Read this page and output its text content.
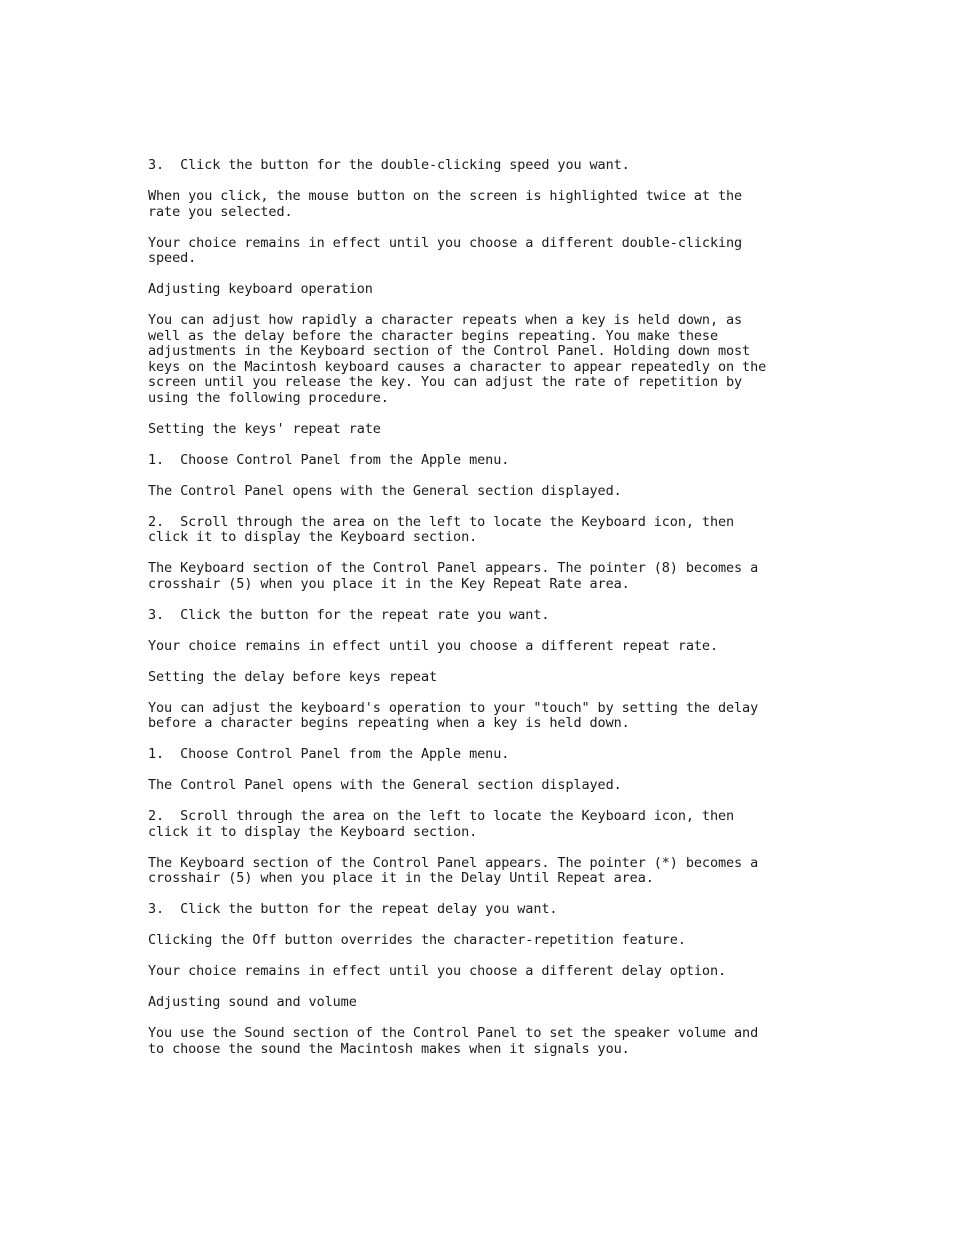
3.  Click the button for the double-clicking speed you want.

When you click, the mouse button on the screen is highlighted twice at the
rate you selected.

Your choice remains in effect until you choose a different double-clicking
speed.

Adjusting keyboard operation

You can adjust how rapidly a character repeats when a key is held down, as
well as the delay before the character begins repeating. You make these
adjustments in the Keyboard section of the Control Panel. Holding down most
keys on the Macintosh keyboard causes a character to appear repeatedly on the
screen until you release the key. You can adjust the rate of repetition by
using the following procedure.

Setting the keys' repeat rate

1.  Choose Control Panel from the Apple menu.

The Control Panel opens with the General section displayed.

2.  Scroll through the area on the left to locate the Keyboard icon, then
click it to display the Keyboard section.

The Keyboard section of the Control Panel appears. The pointer (8) becomes a
crosshair (5) when you place it in the Key Repeat Rate area.

3.  Click the button for the repeat rate you want.

Your choice remains in effect until you choose a different repeat rate.

Setting the delay before keys repeat

You can adjust the keyboard's operation to your "touch" by setting the delay
before a character begins repeating when a key is held down.

1.  Choose Control Panel from the Apple menu.

The Control Panel opens with the General section displayed.

2.  Scroll through the area on the left to locate the Keyboard icon, then
click it to display the Keyboard section.

The Keyboard section of the Control Panel appears. The pointer (*) becomes a
crosshair (5) when you place it in the Delay Until Repeat area.

3.  Click the button for the repeat delay you want.

Clicking the Off button overrides the character-repetition feature.

Your choice remains in effect until you choose a different delay option.

Adjusting sound and volume

You use the Sound section of the Control Panel to set the speaker volume and
to choose the sound the Macintosh makes when it signals you.
